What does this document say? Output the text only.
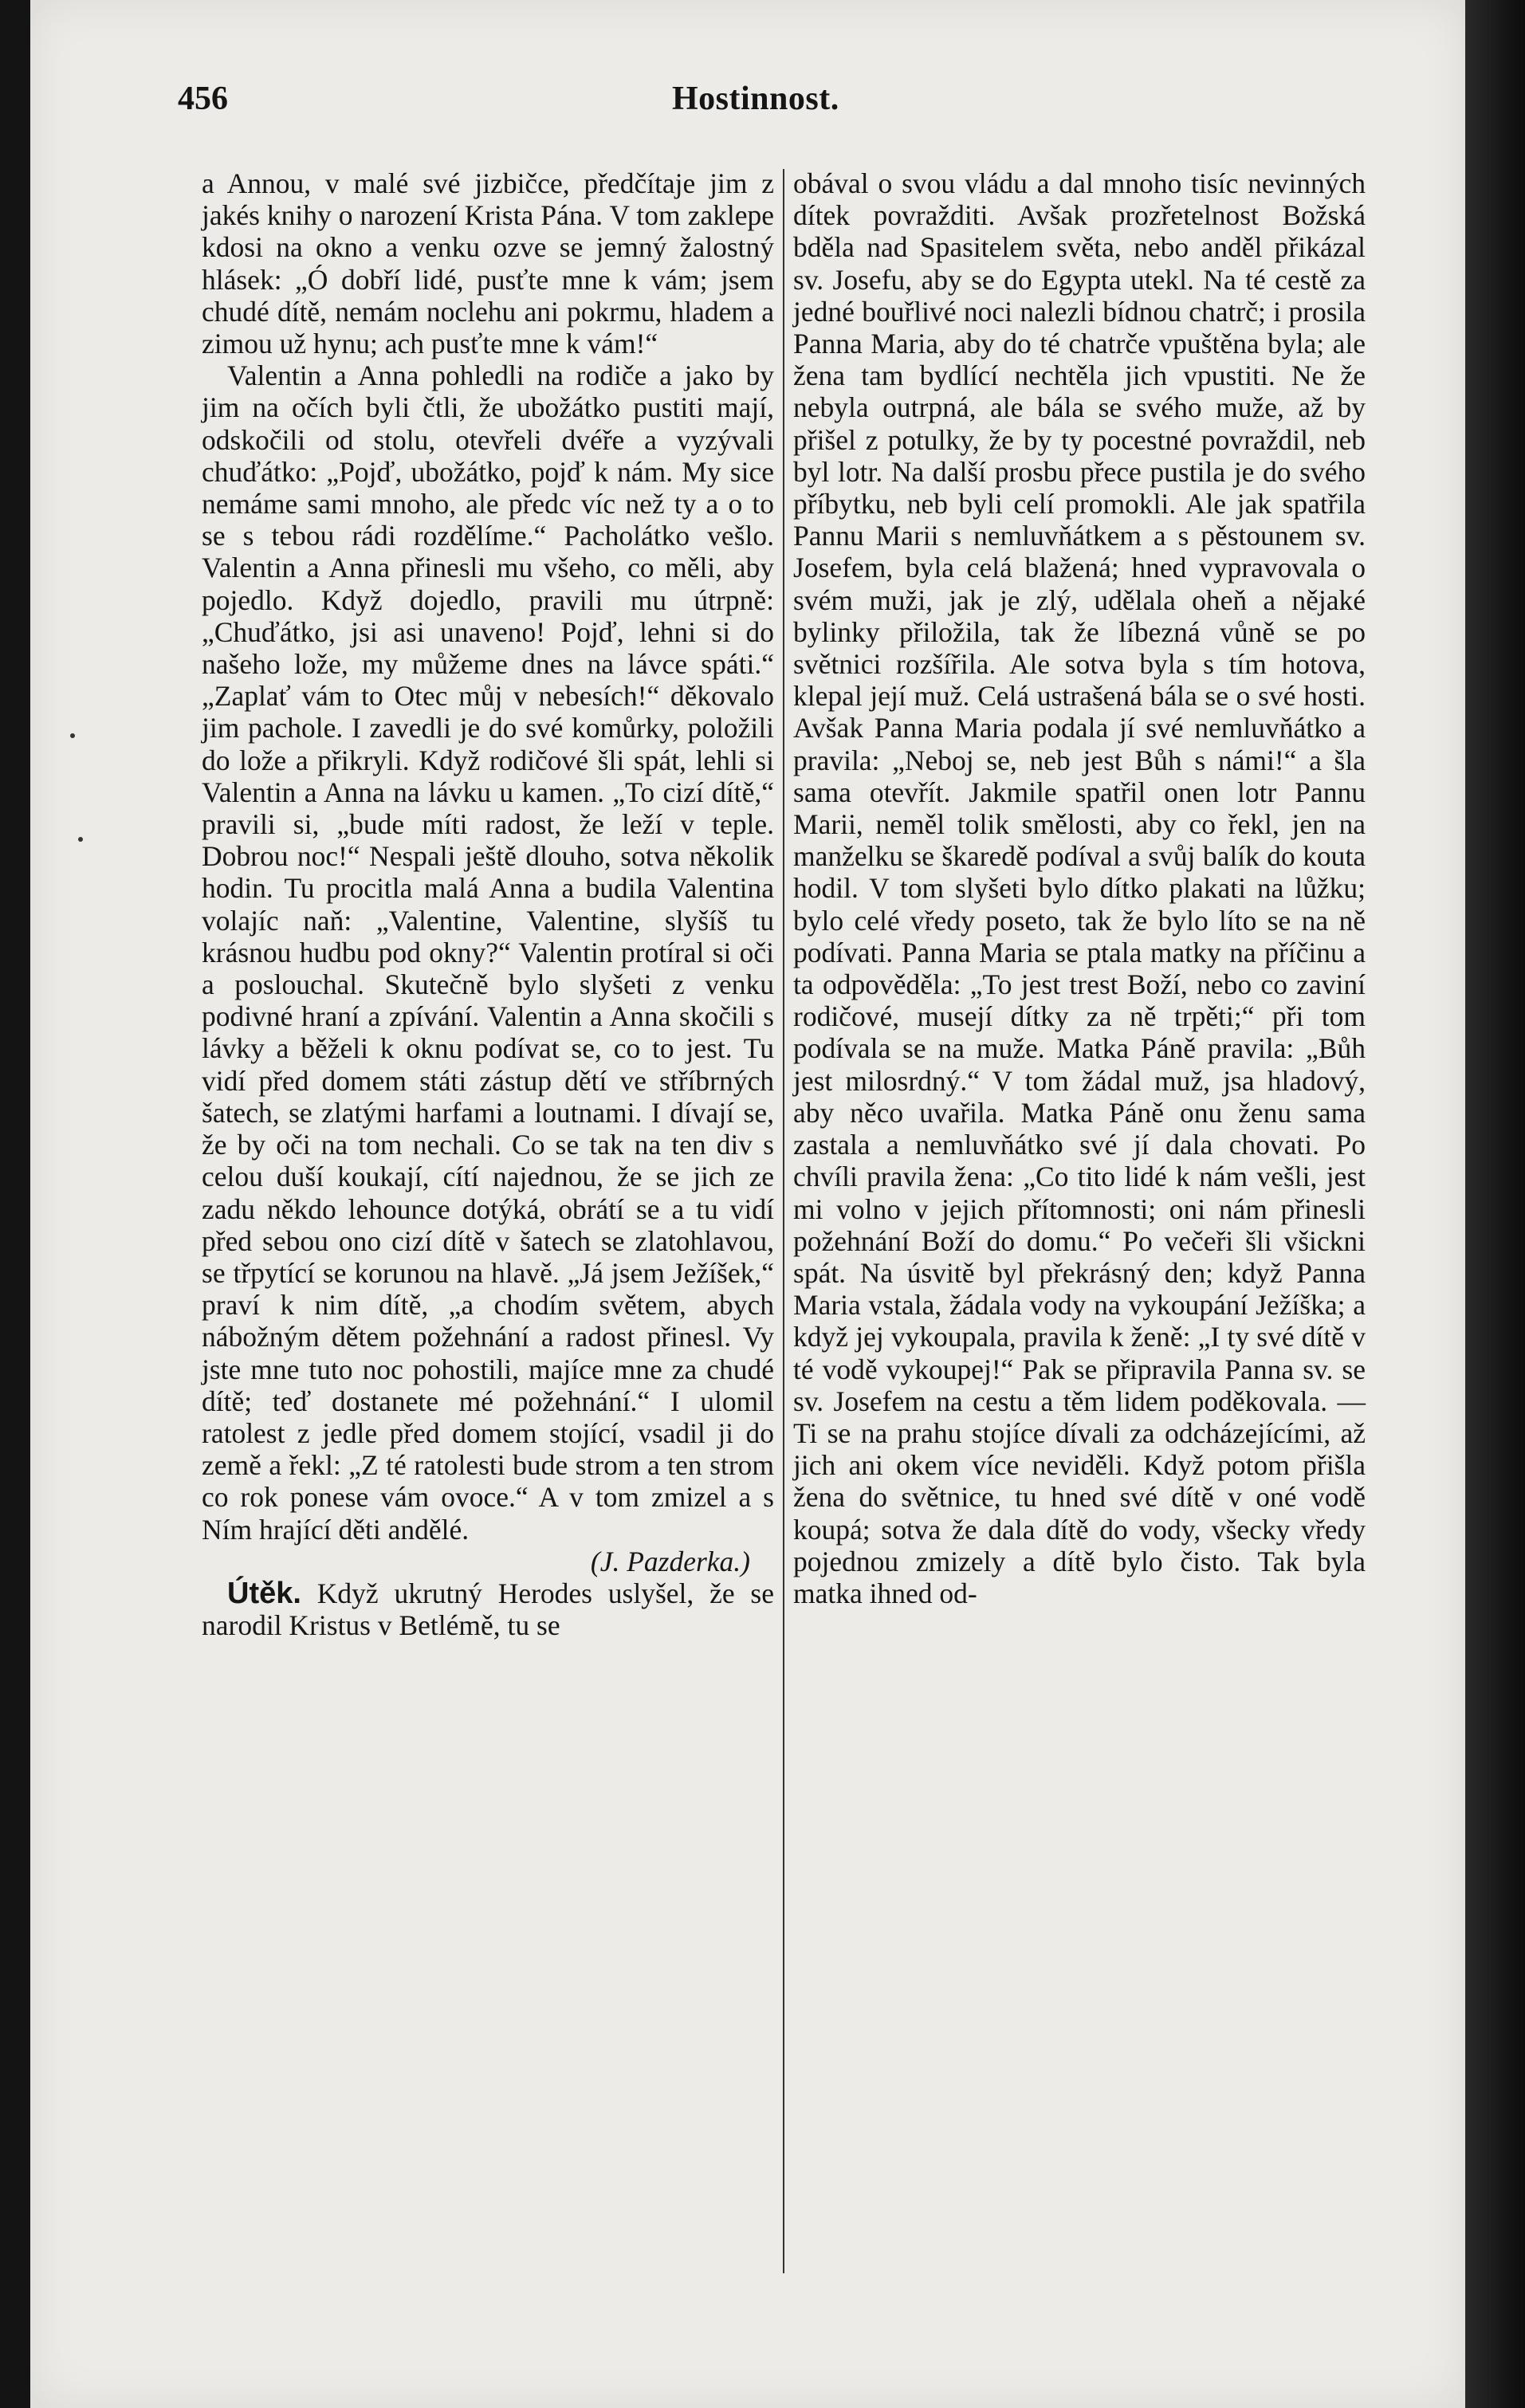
456	Hostinnost.

a Annou, v malé své jizbičce, předčítaje jim z jakés knihy o narození Krista Pána. V tom zaklepe kdosi na okno a venku ozve se jemný žalostný hlásek: „Ó dobří lidé, pusťte mne k vám; jsem chudé dítě, nemám noclehu ani pokrmu, hladem a zimou už hynu; ach pusťte mne k vám!“

Valentin a Anna pohledli na rodiče a jako by jim na očích byli čtli, že ubožátko pustiti mají, odskočili od stolu, otevřeli dvéře a vyzývali chuďátko: „Pojď, ubožátko, pojď k nám. My sice nemáme sami mnoho, ale předc víc než ty a o to se s tebou rádi rozdělíme.“ Pacholátko vešlo. Valentin a Anna přinesli mu všeho, co měli, aby pojedlo. Když dojedlo, pravili mu útrpně: „Chuďátko, jsi asi unaveno! Pojď, lehni si do našeho lože, my můžeme dnes na lávce spáti.“ „Zaplať vám to Otec můj v nebesích!“ děkovalo jim pachole. I zavedli je do své komůrky, položili do lože a přikryli. Když rodičové šli spát, lehli si Valentin a Anna na lávku u kamen. „To cizí dítě,“ pravili si, „bude míti radost, že leží v teple. Dobrou noc!“ Nespali ještě dlouho, sotva několik hodin. Tu procitla malá Anna a budila Valentina volajíc naň: „Valentine, Valentine, slyšíš tu krásnou hudbu pod okny?“ Valentin protíral si oči a poslouchal. Skutečně bylo slyšeti z venku podivné hraní a zpívání. Valentin a Anna skočili s lávky a běželi k oknu podívat se, co to jest. Tu vidí před domem státi zástup dětí ve stříbrných šatech, se zlatými harfami a loutnami. I dívají se, že by oči na tom nechali. Co se tak na ten div s celou duší koukají, cítí najednou, že se jich ze zadu někdo lehounce dotýká, obrátí se a tu vidí před sebou ono cizí dítě v šatech se zlatohlavou, se třpytící se korunou na hlavě. „Já jsem Ježíšek,“ praví k nim dítě, „a chodím světem, abych nábožným dětem požehnání a radost přinesl. Vy jste mne tuto noc pohostili, majíce mne za chudé dítě; teď dostanete mé požehnání.“ I ulomil ratolest z jedle před domem stojící, vsadil ji do země a řekl: „Z té ratolesti bude strom a ten strom co rok ponese vám ovoce.“ A v tom zmizel a s Ním hrající děti andělé.

(J. Pazderka.)

Útěk. Když ukrutný Herodes uslyšel, že se narodil Kristus v Betlémě, tu se

obával o svou vládu a dal mnoho tisíc nevinných dítek povražditi. Avšak prozřetelnost Božská bděla nad Spasitelem světa, nebo anděl přikázal sv. Josefu, aby se do Egypta utekl. Na té cestě za jedné bouřlivé noci nalezli bídnou chatrč; i prosila Panna Maria, aby do té chatrče vpuštěna byla; ale žena tam bydlící nechtěla jich vpustiti. Ne že nebyla outrpná, ale bála se svého muže, až by přišel z potulky, že by ty pocestné povraždil, neb byl lotr. Na další prosbu přece pustila je do svého příbytku, neb byli celí promokli. Ale jak spatřila Pannu Marii s nemluvňátkem a s pěstounem sv. Josefem, byla celá blažená; hned vypravovala o svém muži, jak je zlý, udělala oheň a nějaké bylinky přiložila, tak že líbezná vůně se po světnici rozšířila. Ale sotva byla s tím hotova, klepal její muž. Celá ustrašená bála se o své hosti. Avšak Panna Maria podala jí své nemluvňátko a pravila: „Neboj se, neb jest Bůh s námi!“ a šla sama otevřít. Jakmile spatřil onen lotr Pannu Marii, neměl tolik smělosti, aby co řekl, jen na manželku se škaredě podíval a svůj balík do kouta hodil. V tom slyšeti bylo dítko plakati na lůžku; bylo celé vředy poseto, tak že bylo líto se na ně podívati. Panna Maria se ptala matky na příčinu a ta odpověděla: „To jest trest Boží, nebo co zaviní rodičové, musejí dítky za ně trpěti;“ při tom podívala se na muže. Matka Páně pravila: „Bůh jest milosrdný.“ V tom žádal muž, jsa hladový, aby něco uvařila. Matka Páně onu ženu sama zastala a nemluvňátko své jí dala chovati. Po chvíli pravila žena: „Co tito lidé k nám vešli, jest mi volno v jejich přítomnosti; oni nám přinesli požehnání Boží do domu.“ Po večeři šli všickni spát. Na úsvitě byl překrásný den; když Panna Maria vstala, žádala vody na vykoupání Ježíška; a když jej vykoupala, pravila k ženě: „I ty své dítě v té vodě vykoupej!“ Pak se připravila Panna sv. se sv. Josefem na cestu a těm lidem poděkovala. — Ti se na prahu stojíce dívali za odcházejícími, až jich ani okem více neviděli. Když potom přišla žena do světnice, tu hned své dítě v oné vodě koupá; sotva že dala dítě do vody, všecky vředy pojednou zmizely a dítě bylo čisto. Tak byla matka ihned od-
